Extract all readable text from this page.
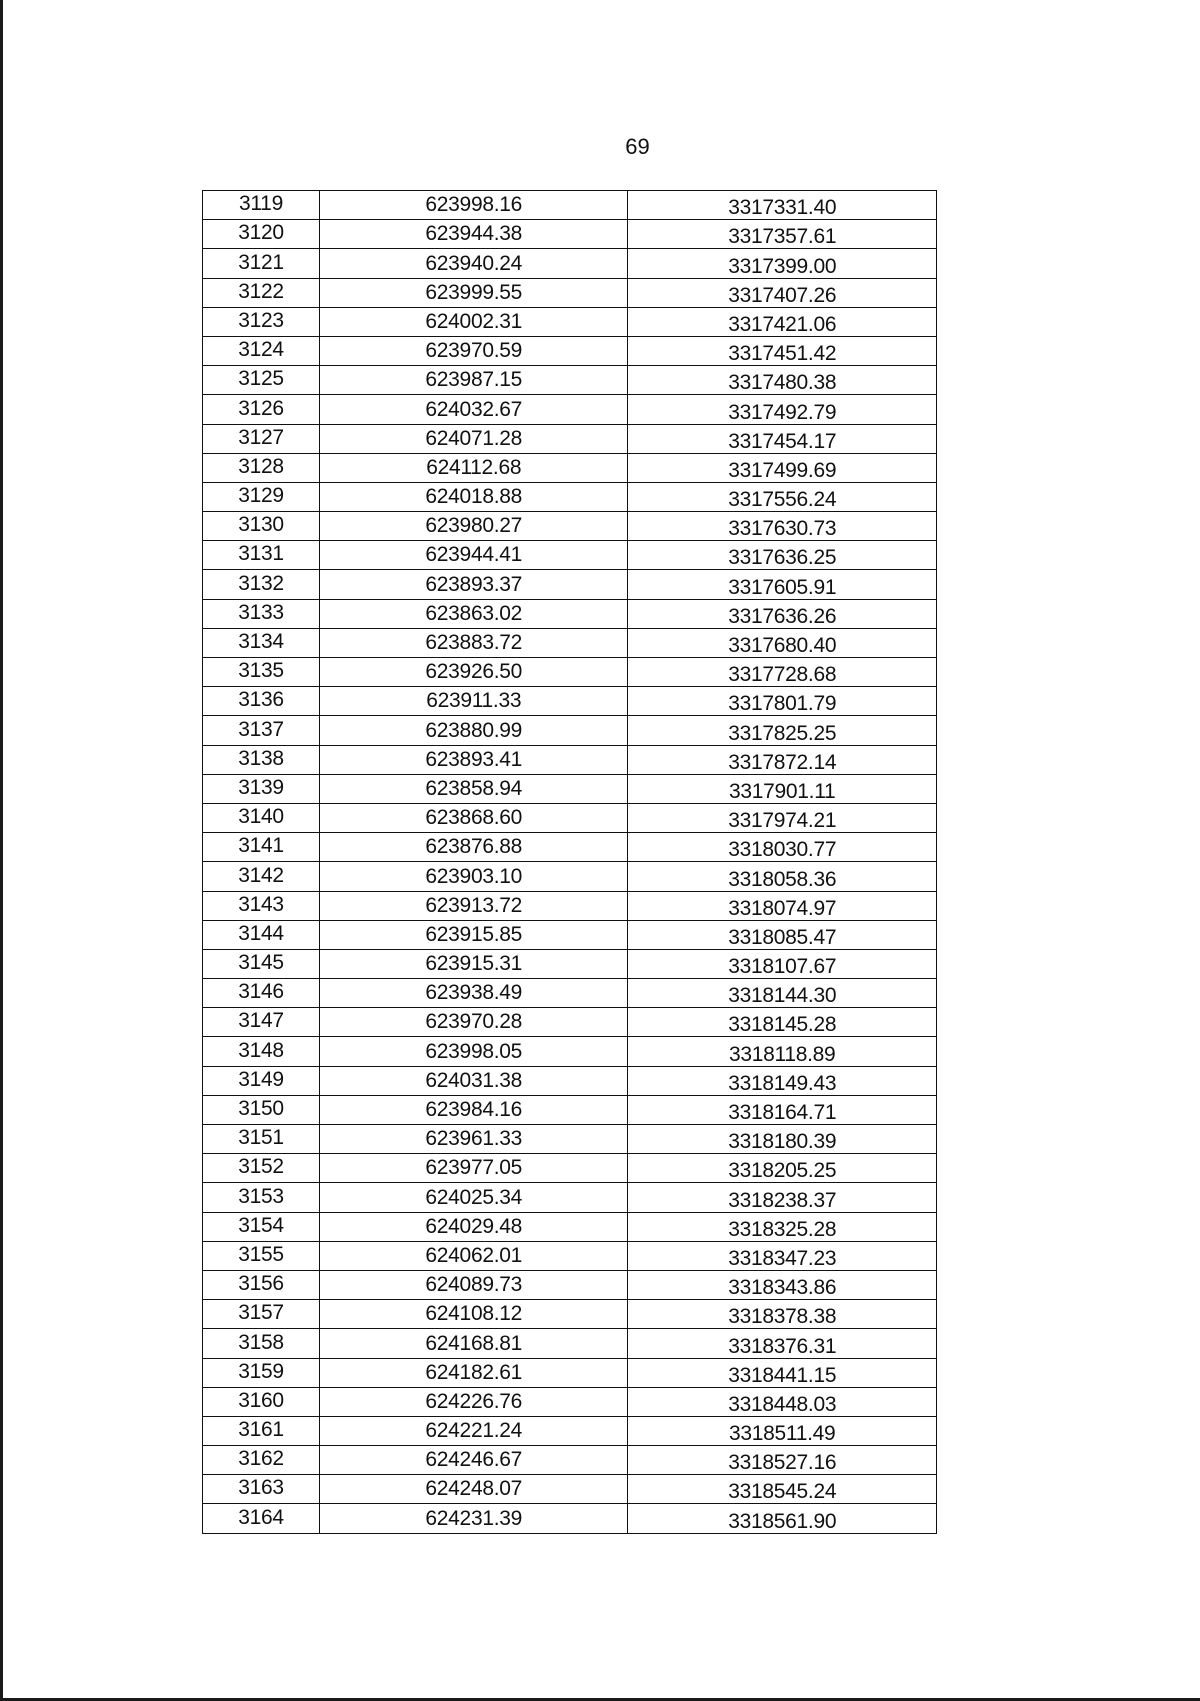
69
3119	623998.16	3317331.40
3120	623944.38	3317357.61
3121	623940.24	3317399.00
3122	623999.55	3317407.26
3123	624002.31	3317421.06
3124	623970.59	3317451.42
3125	623987.15	3317480.38
3126	624032.67	3317492.79
3127	624071.28	3317454.17
3128	624112.68	3317499.69
3129	624018.88	3317556.24
3130	623980.27	3317630.73
3131	623944.41	3317636.25
3132	623893.37	3317605.91
3133	623863.02	3317636.26
3134	623883.72	3317680.40
3135	623926.50	3317728.68
3136	623911.33	3317801.79
3137	623880.99	3317825.25
3138	623893.41	3317872.14
3139	623858.94	3317901.11
3140	623868.60	3317974.21
3141	623876.88	3318030.77
3142	623903.10	3318058.36
3143	623913.72	3318074.97
3144	623915.85	3318085.47
3145	623915.31	3318107.67
3146	623938.49	3318144.30
3147	623970.28	3318145.28
3148	623998.05	3318118.89
3149	624031.38	3318149.43
3150	623984.16	3318164.71
3151	623961.33	3318180.39
3152	623977.05	3318205.25
3153	624025.34	3318238.37
3154	624029.48	3318325.28
3155	624062.01	3318347.23
3156	624089.73	3318343.86
3157	624108.12	3318378.38
3158	624168.81	3318376.31
3159	624182.61	3318441.15
3160	624226.76	3318448.03
3161	624221.24	3318511.49
3162	624246.67	3318527.16
3163	624248.07	3318545.24
3164	624231.39	3318561.90
